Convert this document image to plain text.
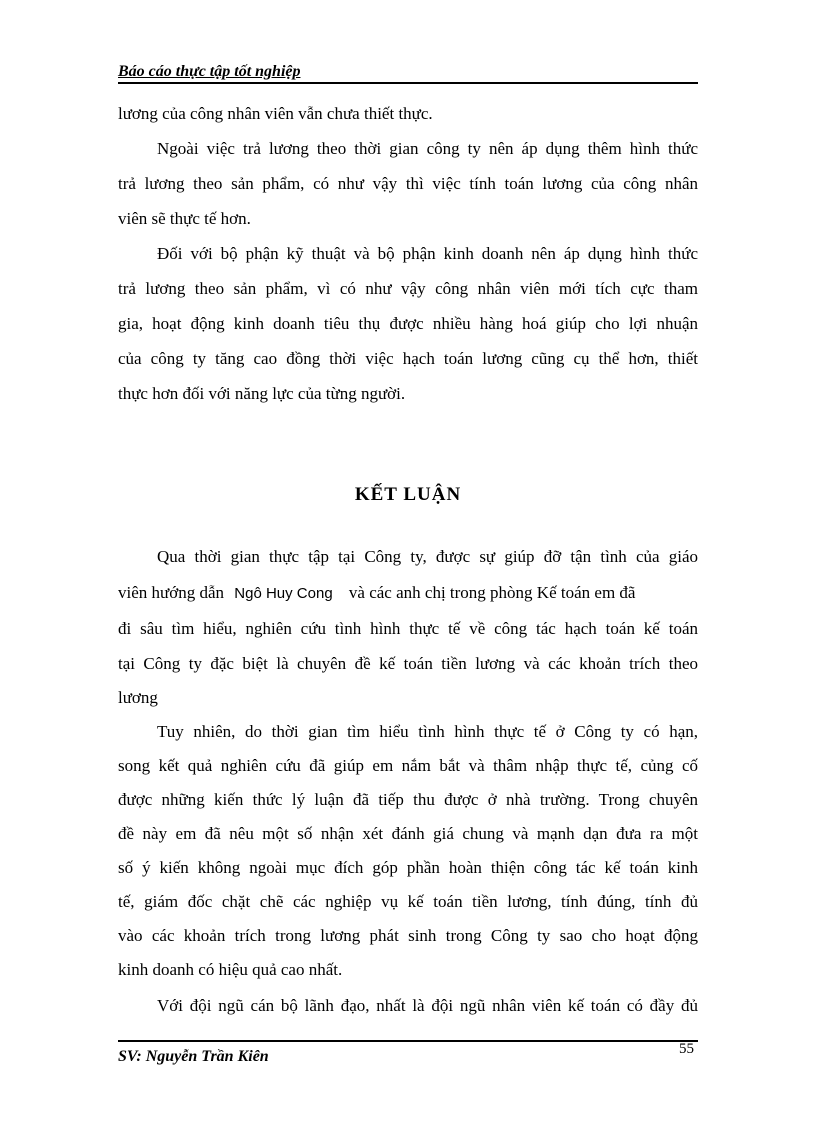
Báo cáo thực tập tốt nghiệp
lương của công nhân viên vẫn chưa thiết thực.
Ngoài việc trả lương theo thời gian công ty nên áp dụng thêm hình thức
trả lương theo sản phẩm, có như vậy thì việc tính toán lương của công nhân
viên sẽ thực tế hơn.
Đối với bộ phận kỹ thuật và bộ phận kinh doanh nên áp dụng hình thức
trả lương theo sản phẩm, vì có như vậy công nhân viên mới tích cực tham
gia, hoạt động kinh doanh tiêu thụ được nhiều hàng hoá giúp cho lợi nhuận
của công ty tăng cao đồng thời việc hạch toán lương cũng cụ thể hơn, thiết
thực hơn đối với năng lực của từng người.
KẾT LUẬN
Qua thời gian thực tập tại Công ty, được sự giúp đỡ tận tình của giáo
viên hướng dẫn Ngô Huy Cong và các anh chị trong phòng Kế toán em đã
đi sâu tìm hiểu, nghiên cứu tình hình thực tế về công tác hạch toán kế toán
tại Công ty đặc biệt là chuyên đề kế toán tiền lương và các khoản trích theo
lương
Tuy nhiên, do thời gian tìm hiểu tình hình thực tế ở Công ty có hạn,
song kết quả nghiên cứu đã giúp em nắm bắt và thâm nhập thực tế, củng cố
được những kiến thức lý luận đã tiếp thu được ở nhà trường. Trong chuyên
đề này em đã nêu một số nhận xét đánh giá chung và mạnh dạn đưa ra một
số ý kiến không ngoài mục đích góp phần hoàn thiện công tác kế toán kinh
tế, giám đốc chặt chẽ các nghiệp vụ kế toán tiền lương, tính đúng, tính đủ
vào các khoản trích trong lương phát sinh trong Công ty sao cho hoạt động
kinh doanh có hiệu quả cao nhất.
Với đội ngũ cán bộ lãnh đạo, nhất là đội ngũ nhân viên kế toán có đầy đủ
SV: Nguyễn Trần Kiên	55
